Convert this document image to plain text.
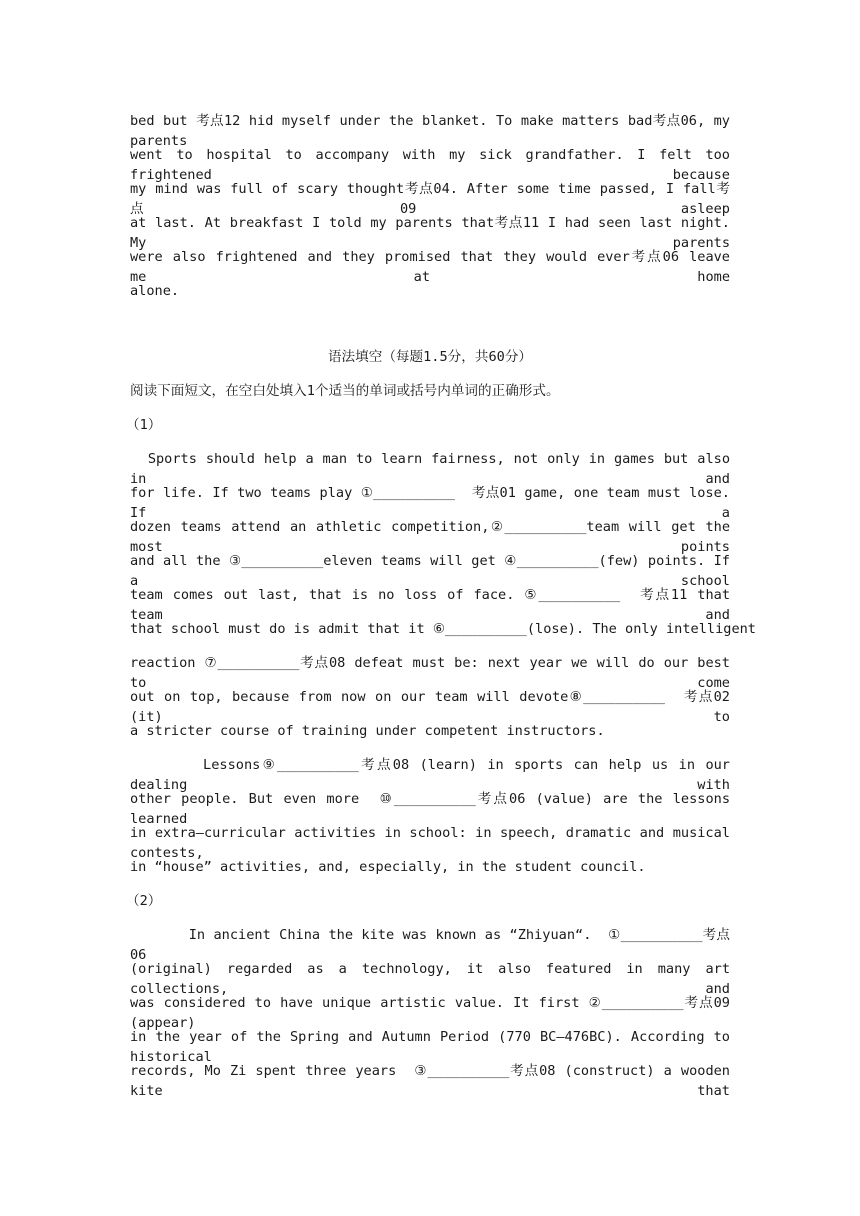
bed but 考点12 hid myself under the blanket. To make matters bad考点06, my parents
went to hospital to accompany with my sick grandfather. I felt too frightened because
my mind was full of scary thought考点04. After some time passed, I fall考点09 asleep
at last. At breakfast I told my parents that考点11 I had seen last night. My parents
were also frightened and they promised that they would ever考点06 leave me at home
alone.
语法填空（每题1.5分，共60分）
阅读下面短文，在空白处填入1个适当的单词或括号内单词的正确形式。
（1）
Sports should help a man to learn fairness, not only in games but also in and
for life. If two teams play ①__________  考点01 game, one team must lose. If a
dozen teams attend an athletic competition,②__________team will get the most points
and all the ③__________eleven teams will get ④__________(few) points. If a school
team comes out last, that is no loss of face. ⑤__________  考点11 that team and
that school must do is admit that it ⑥__________(lose). The only intelligent
reaction ⑦__________考点08 defeat must be: next year we will do our best to come
out on top, because from now on our team will devote⑧__________  考点02 (it) to
a stricter course of training under competent instructors.
Lessons⑨__________考点08 (learn) in sports can help us in our dealing with
other people. But even more  ⑩__________考点06 (value) are the lessons learned
in extra—curricular activities in school: in speech, dramatic and musical contests,
in “house” activities, and, especially, in the student council.
（2）
In ancient China the kite was known as “Zhiyuan“.  ①__________考点06
(original) regarded as a technology, it also featured in many art collections, and
was considered to have unique artistic value. It first ②__________考点09 (appear)
in the year of the Spring and Autumn Period (770 BC—476BC). According to historical
records, Mo Zi spent three years  ③__________考点08 (construct) a wooden kite that
